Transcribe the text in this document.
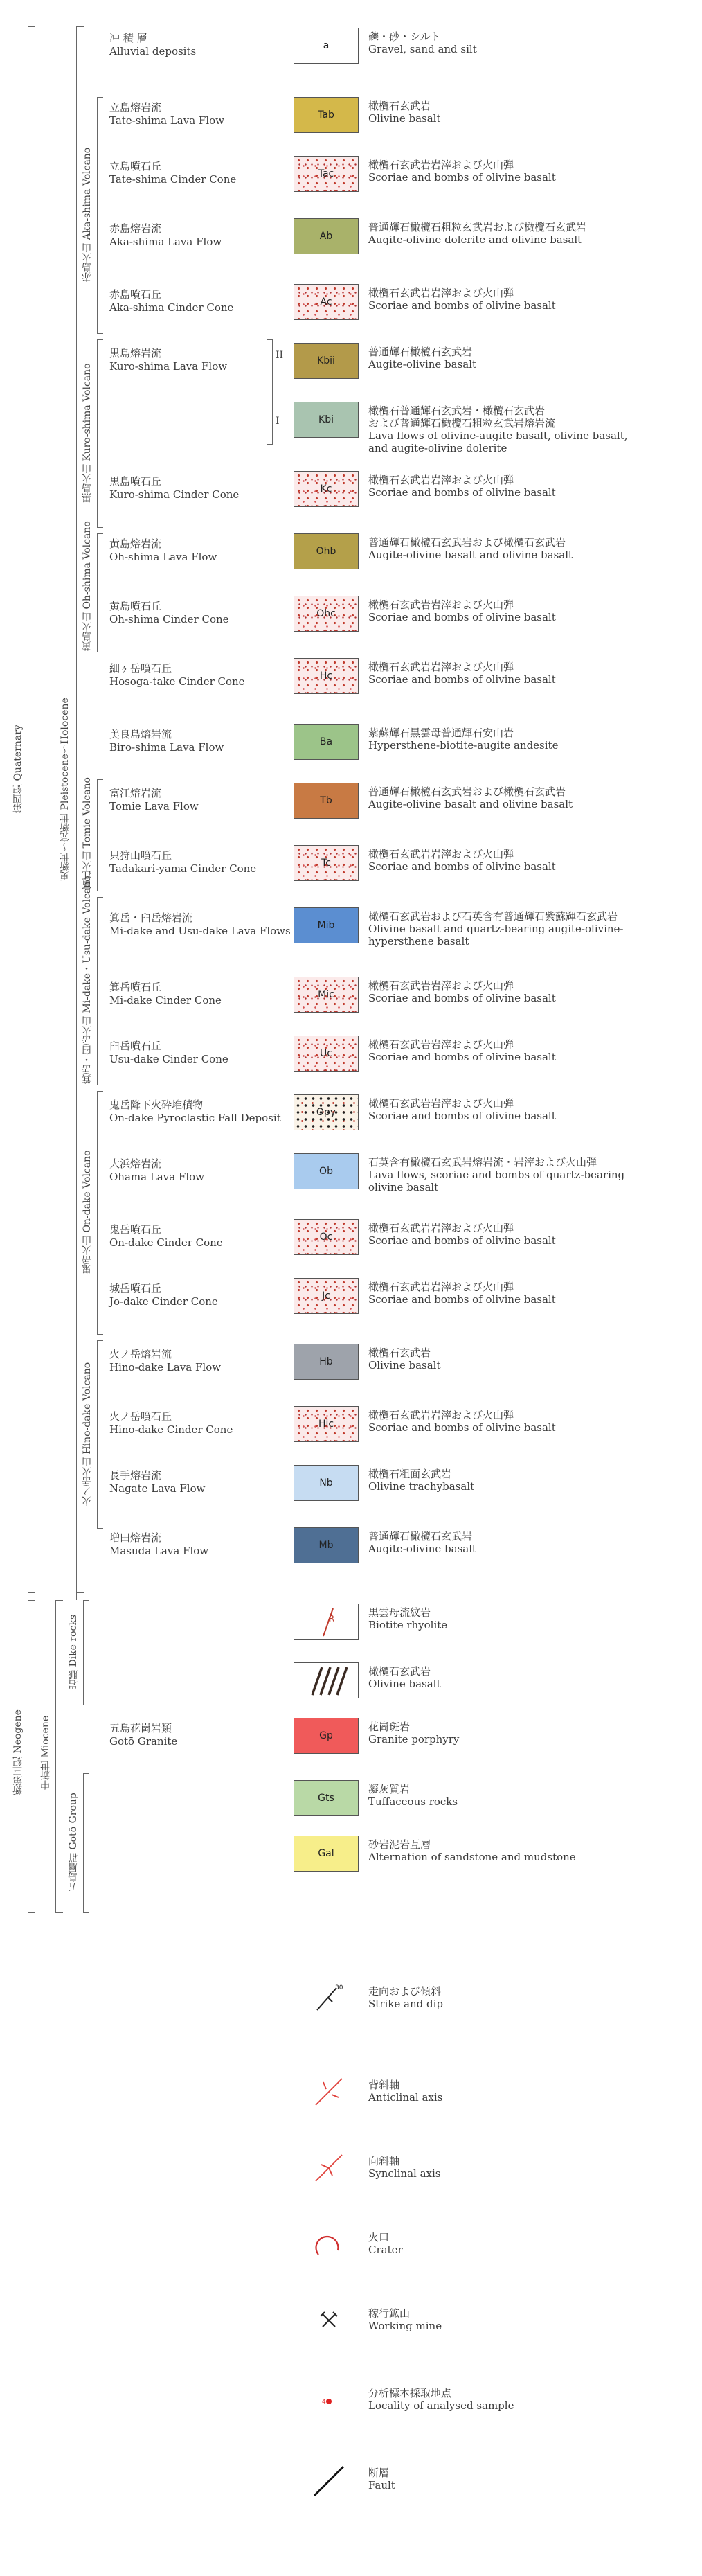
冲 積 層
Alluvial deposits	a
礫・砂・シルト
Gravel, sand and silt
立島熔岩流
Tate-shima Lava Flow	Tab
橄欖石玄武岩
Olivine basalt
立島噴石丘
Tate-shima Cinder Cone	Tac
橄欖石玄武岩岩滓および火山弾
Scoriae and bombs of olivine basalt
赤島熔岩流
Aka-shima Lava Flow	Ab
普通輝石橄欖石粗粒玄武岩および橄欖石玄武岩
Augite-olivine dolerite and olivine basalt
赤島噴石丘
Aka-shima Cinder Cone	Ac
橄欖石玄武岩岩滓および火山弾
Scoriae and bombs of olivine basalt
黒島熔岩流
Kuro-shima Lava Flow	Kbii
普通輝石橄欖石玄武岩
Augite-olivine basalt
Kbi
橄欖石普通輝石玄武岩・橄欖石玄武岩
および普通輝石橄欖石粗粒玄武岩熔岩流
Lava flows of olivine-augite basalt, olivine basalt,
and augite-olivine dolerite
黒島噴石丘
Kuro-shima Cinder Cone	Kc
橄欖石玄武岩岩滓および火山弾
Scoriae and bombs of olivine basalt
黄島熔岩流
Oh-shima Lava Flow	Ohb
普通輝石橄欖石玄武岩および橄欖石玄武岩
Augite-olivine basalt and olivine basalt
黄島噴石丘
Oh-shima Cinder Cone	Ohc
橄欖石玄武岩岩滓および火山弾
Scoriae and bombs of olivine basalt
細ヶ岳噴石丘
Hosoga-take Cinder Cone	Hc
橄欖石玄武岩岩滓および火山弾
Scoriae and bombs of olivine basalt
美良島熔岩流
Biro-shima Lava Flow	Ba
紫蘇輝石黒雲母普通輝石安山岩
Hypersthene-biotite-augite andesite
富江熔岩流
Tomie Lava Flow	Tb
普通輝石橄欖石玄武岩および橄欖石玄武岩
Augite-olivine basalt and olivine basalt
只狩山噴石丘
Tadakari-yama Cinder Cone	Tc
橄欖石玄武岩岩滓および火山弾
Scoriae and bombs of olivine basalt
箕岳・臼岳熔岩流
Mi-dake and Usu-dake Lava Flows	Mib
橄欖石玄武岩および石英含有普通輝石紫蘇輝石玄武岩
Olivine basalt and quartz-bearing augite-olivine-
hypersthene basalt
箕岳噴石丘
Mi-dake Cinder Cone	Mic
橄欖石玄武岩岩滓および火山弾
Scoriae and bombs of olivine basalt
臼岳噴石丘
Usu-dake Cinder Cone	Uc
橄欖石玄武岩岩滓および火山弾
Scoriae and bombs of olivine basalt
鬼岳降下火砕堆積物
On-dake Pyroclastic Fall Deposit	Opy
橄欖石玄武岩岩滓および火山弾
Scoriae and bombs of olivine basalt
大浜熔岩流
Ohama Lava Flow	Ob
石英含有橄欖石玄武岩熔岩流・岩滓および火山弾
Lava flows, scoriae and bombs of quartz-bearing
olivine basalt
鬼岳噴石丘
On-dake Cinder Cone	Oc
橄欖石玄武岩岩滓および火山弾
Scoriae and bombs of olivine basalt
城岳噴石丘
Jo-dake Cinder Cone	Jc
橄欖石玄武岩岩滓および火山弾
Scoriae and bombs of olivine basalt
火ノ岳熔岩流
Hino-dake Lava Flow	Hb
橄欖石玄武岩
Olivine basalt
火ノ岳噴石丘
Hino-dake Cinder Cone	Hic
橄欖石玄武岩岩滓および火山弾
Scoriae and bombs of olivine basalt
長手熔岩流
Nagate Lava Flow	Nb
橄欖石粗面玄武岩
Olivine trachybasalt
増田熔岩流
Masuda Lava Flow	Mb
普通輝石橄欖石玄武岩
Augite-olivine basalt
R	黒雲母流紋岩
Biotite rhyolite
橄欖石玄武岩
Olivine basalt
五島花崗岩類
Gotō Granite	Gp
花崗斑岩
Granite porphyry
Gts
凝灰質岩
Tuffaceous rocks
Gal
砂岩泥岩互層
Alternation of sandstone and mudstone
第四紀 Quaternary	更新世〜完新世 Pleistocene〜Holocene
赤島火山 Aka-shima Volcano
黒島火山 Kuro-shima Volcano
黄島火山 Oh-shima Volcano
富江火山 Tomie Volcano
箕岳・臼岳火山 Mi-dake・Usu-dake Volcano
鬼岳火山 On-dake Volcano
火ノ岳火山 Hino-dake Volcano
II
I
新第三紀 Neogene 中新世 Miocene
岩脈 Dike rocks
五島層群 Gotō Group
30 走向および傾斜
Strike and dip
背斜軸
Anticlinal axis
向斜軸
Synclinal axis
火口
Crater
稼行鉱山
Working mine
4
分析標本採取地点
Locality of analysed sample
断層
Fault
